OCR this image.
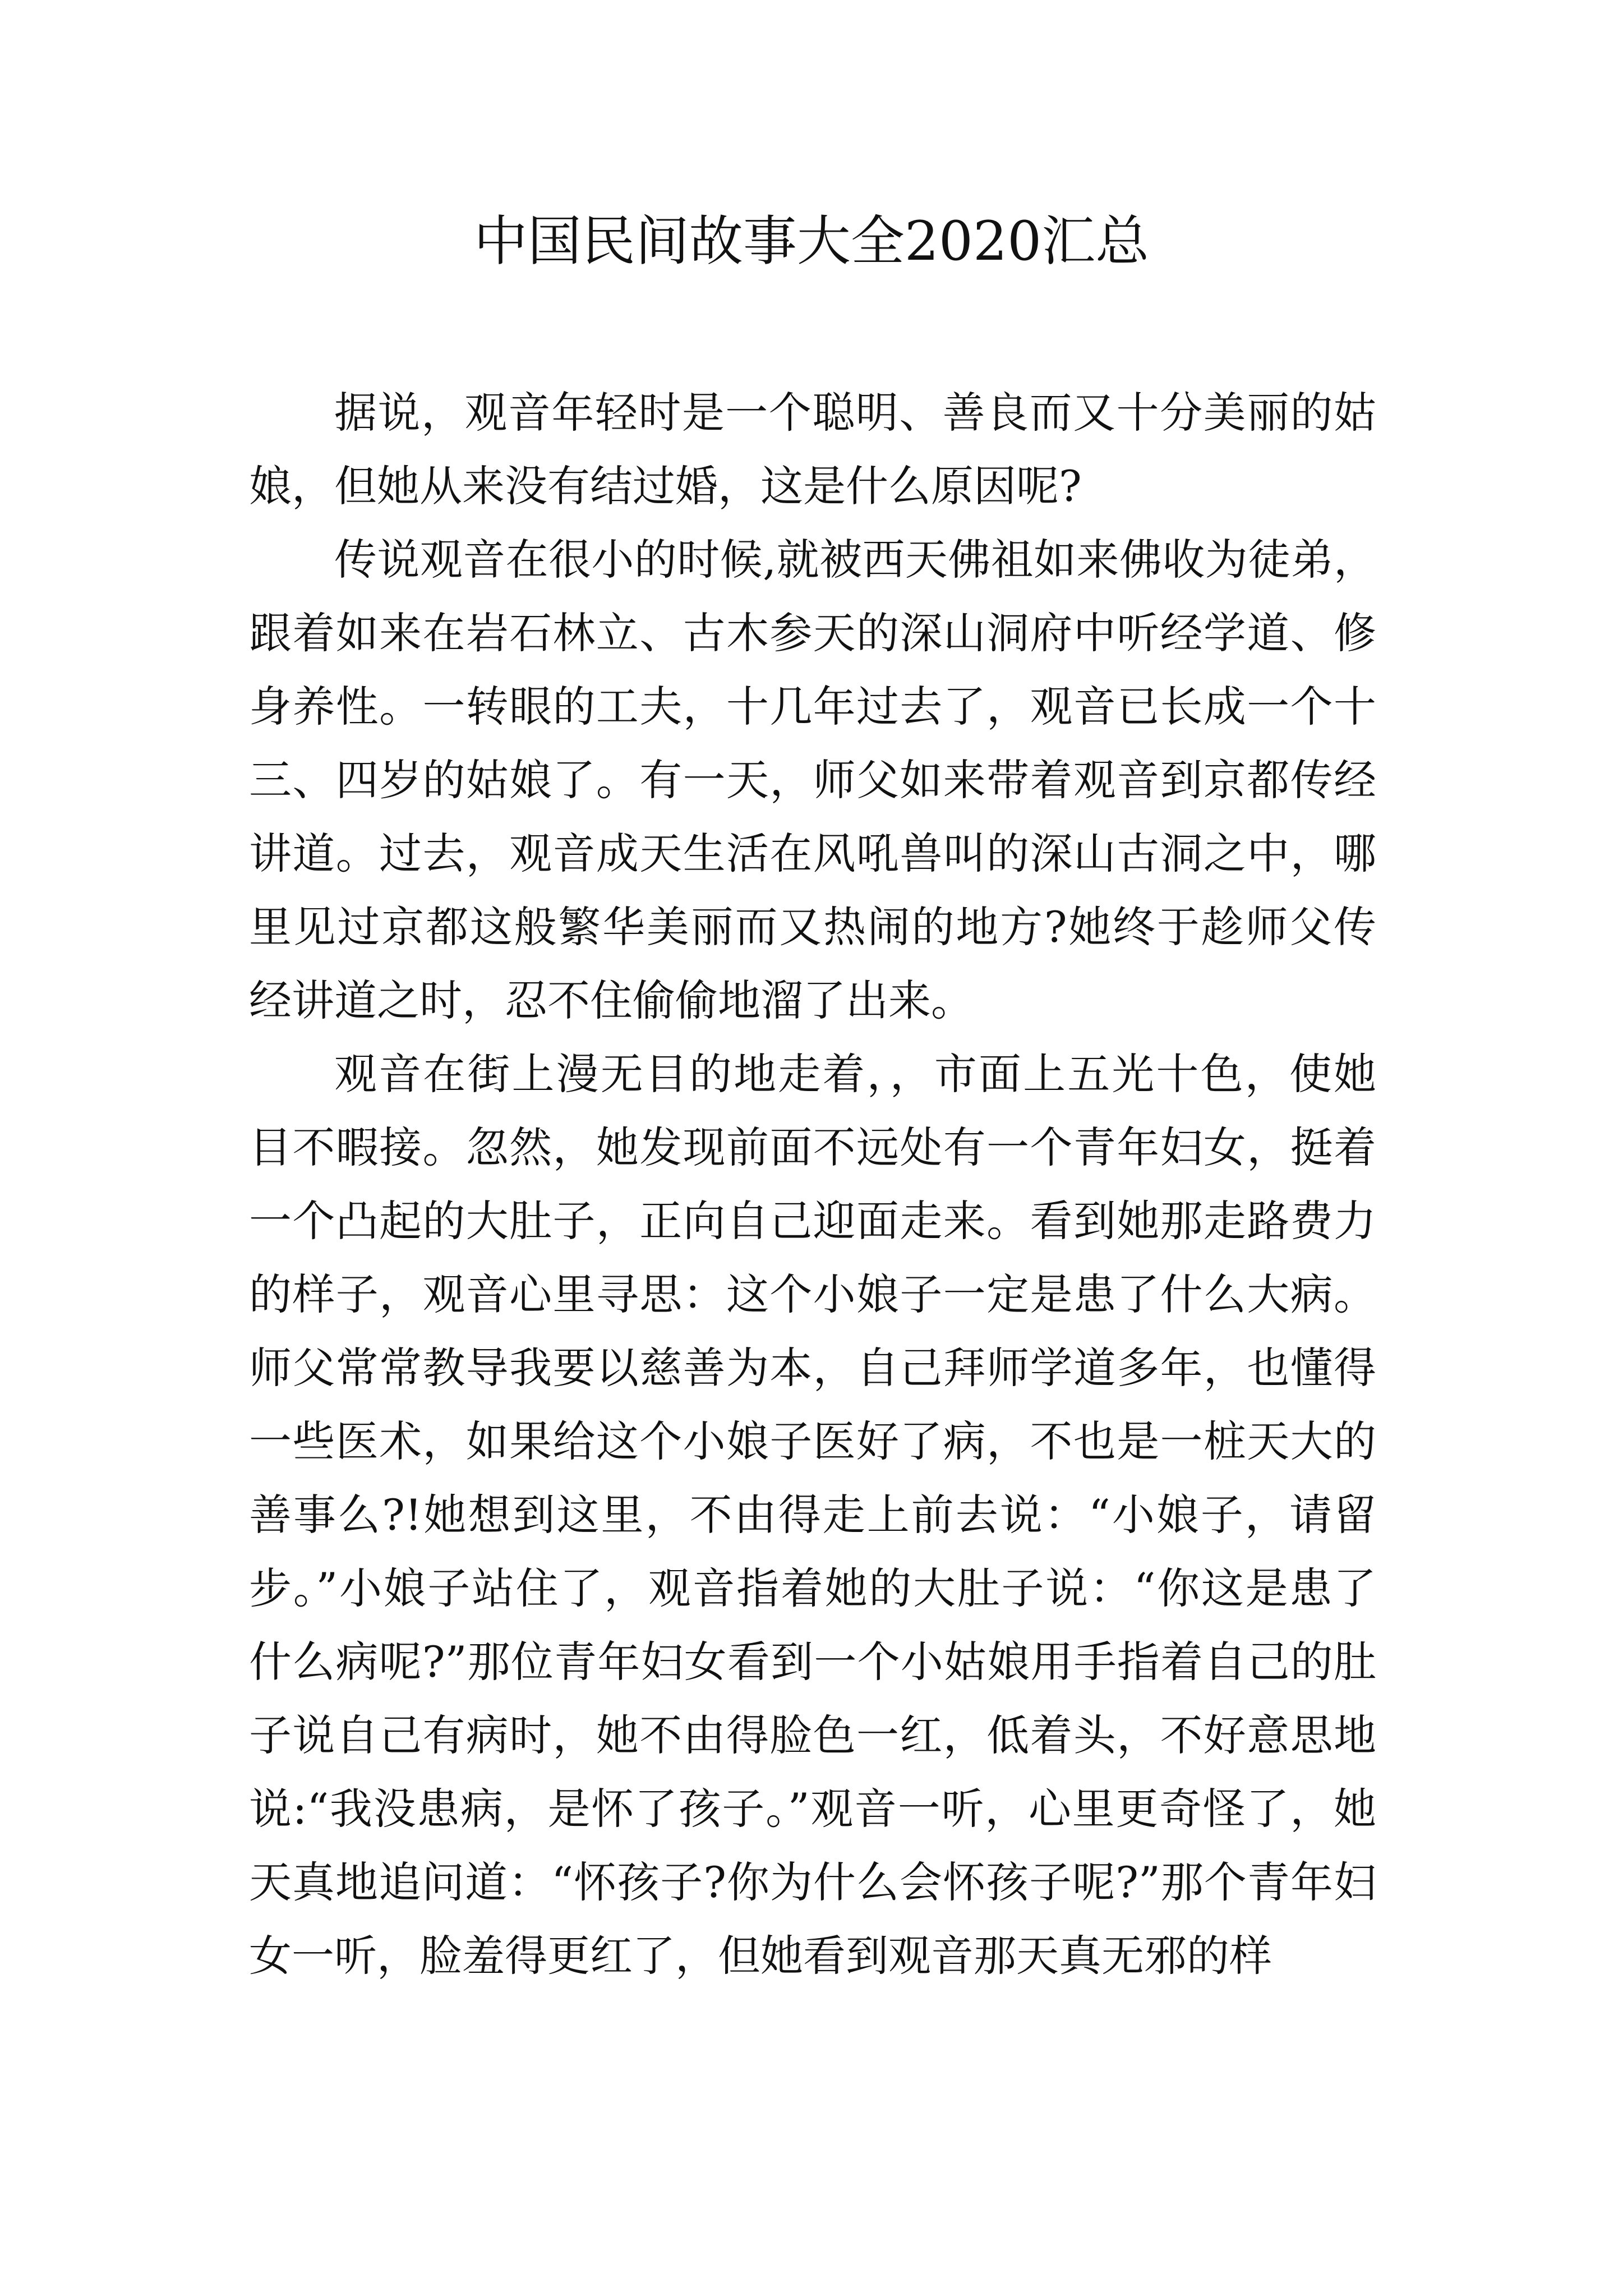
中国民间故事大全2020汇总

据说，观音年轻时是一个聪明、善良而又十分美丽的姑娘，但她从来没有结过婚，这是什么原因呢?

传说观音在很小的时候,就被西天佛祖如来佛收为徒弟，跟着如来在岩石林立、古木参天的深山洞府中听经学道、修身养性。一转眼的工夫，十几年过去了，观音已长成一个十三、四岁的姑娘了。有一天，师父如来带着观音到京都传经讲道。过去，观音成天生活在风吼兽叫的深山古洞之中，哪里见过京都这般繁华美丽而又热闹的地方?她终于趁师父传经讲道之时，忍不住偷偷地溜了出来。

观音在街上漫无目的地走着，，市面上五光十色，使她目不暇接。忽然，她发现前面不远处有一个青年妇女，挺着一个凸起的大肚子，正向自己迎面走来。看到她那走路费力的样子，观音心里寻思：这个小娘子一定是患了什么大病。师父常常教导我要以慈善为本，自己拜师学道多年，也懂得一些医术，如果给这个小娘子医好了病，不也是一桩天大的善事么?!她想到这里，不由得走上前去说：“小娘子，请留步。”小娘子站住了，观音指着她的大肚子说：“你这是患了什么病呢?”那位青年妇女看到一个小姑娘用手指着自己的肚子说自己有病时，她不由得脸色一红，低着头，不好意思地说:“我没患病，是怀了孩子。”观音一听，心里更奇怪了，她天真地追问道：“怀孩子?你为什么会怀孩子呢?”那个青年妇女一听，脸羞得更红了，但她看到观音那天真无邪的样
